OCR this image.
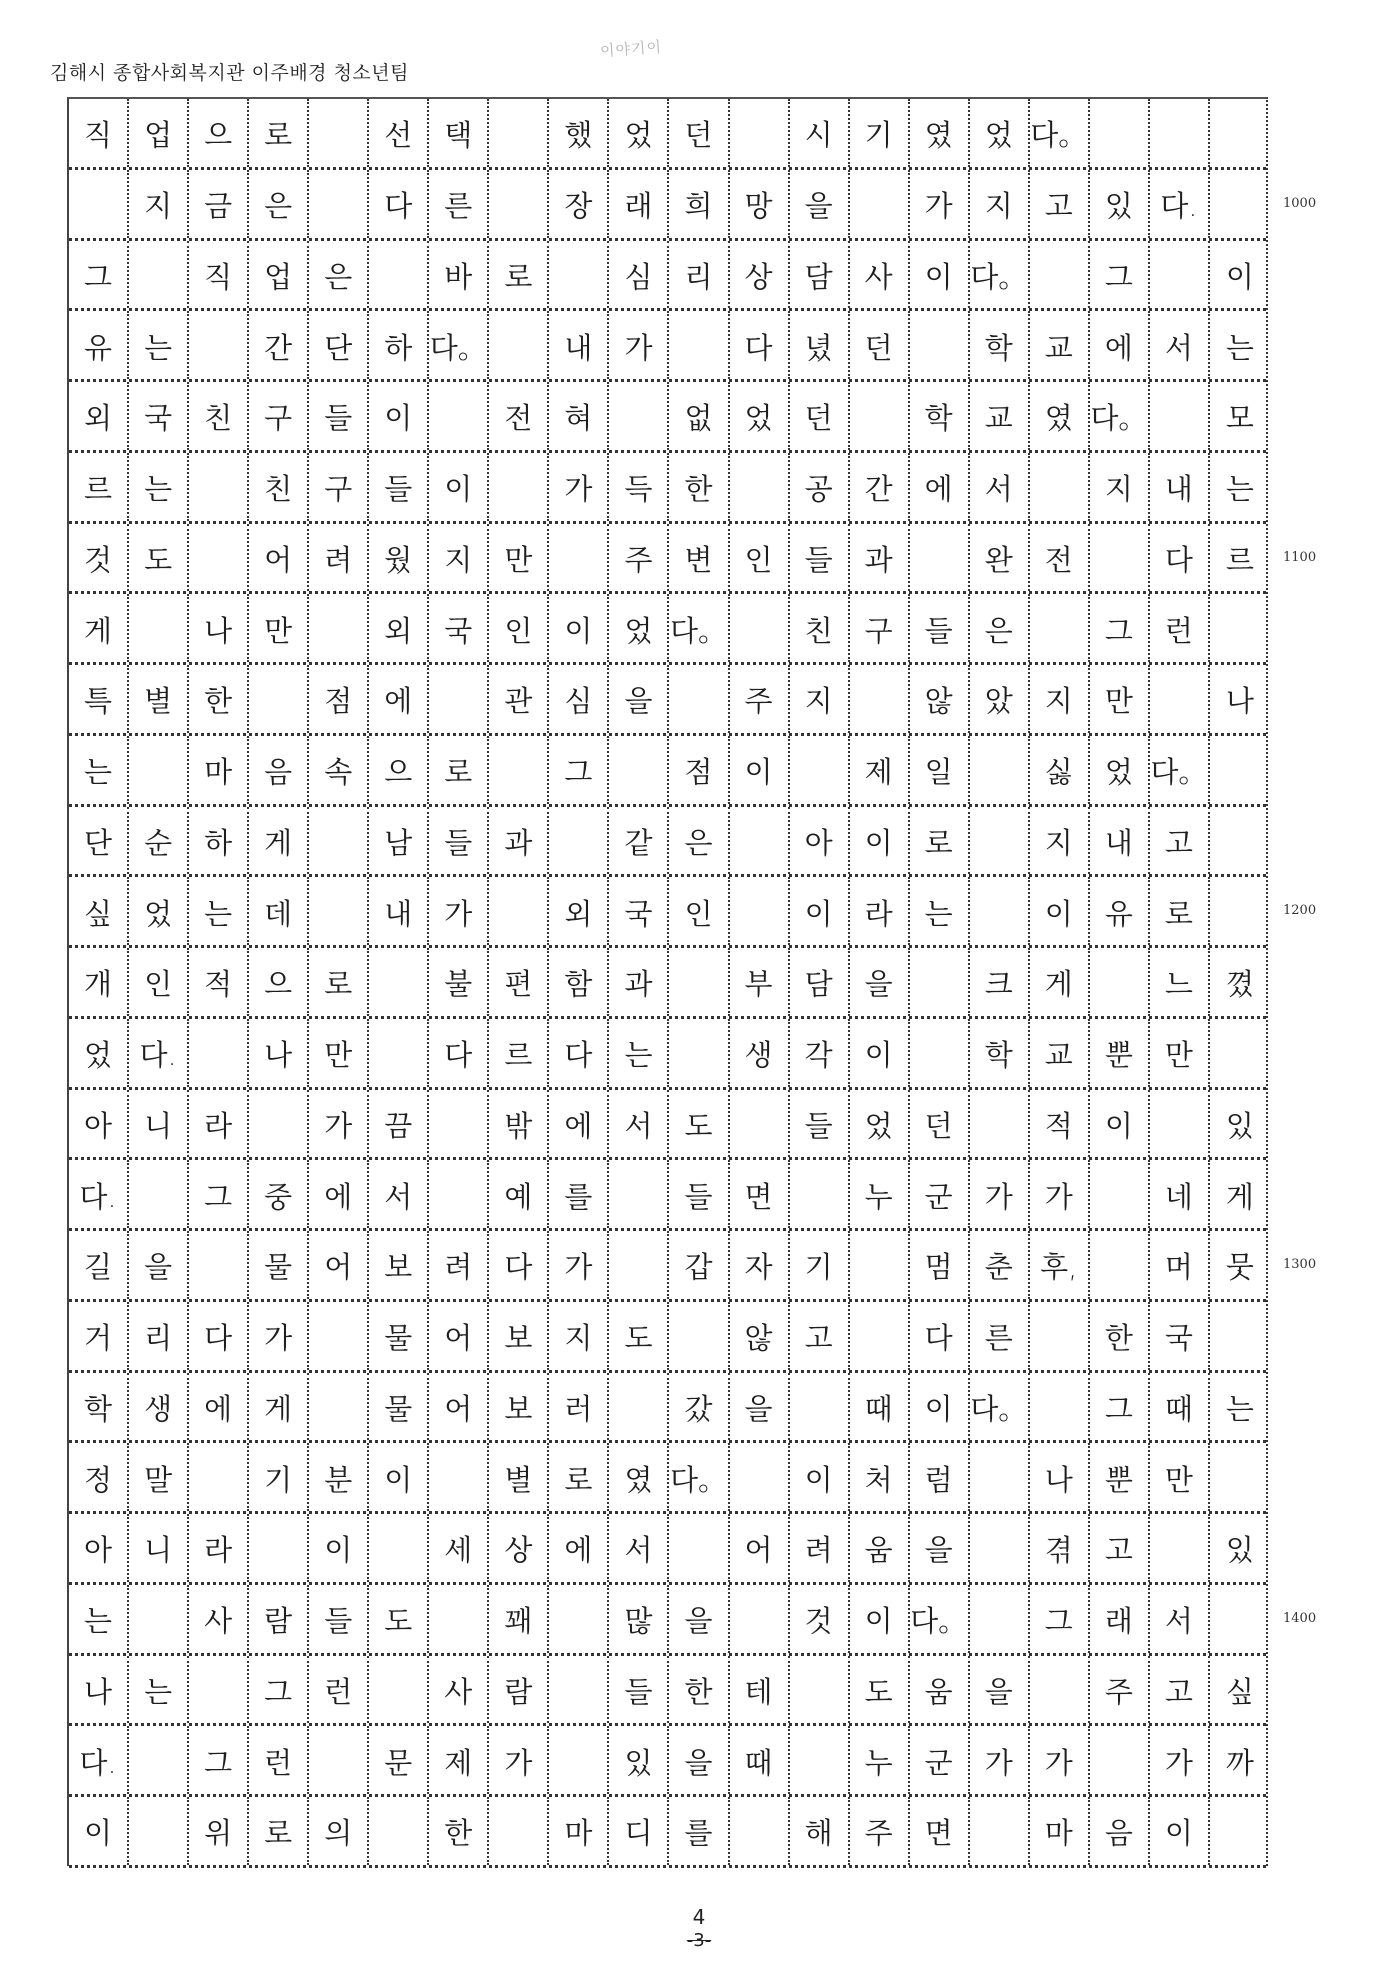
김해시 종합사회복지관 이주배경 청소년팀
이야기이
직	업	으	로	선	택	했	었	던	시	기	였	었 다。
지	금	은	다	른	장	래	희	망	을	가	지	고	있 다.
그	직	업	은	바	로	심	리	상	담	사	이 다。	그	이
유	는	간	단	하 다。	내	가	다	녔	던	학	교	에	서	는
외	국	친	구	들	이	전	혀	없	었	던	학	교	였 다。	모
르	는	친	구	들	이	가	득	한	공	간	에	서	지	내	는
것	도	어	려	웠	지	만	주	변	인	들	과	완	전	다	르
게	나	만	외	국	인	이	었 다。	친	구	들	은	그	런
특	별	한	점	에	관	심	을	주	지	않	았	지	만	나
는	마	음	속	으	로	그	점	이	제	일	싫	었 다。
단	순	하	게	남	들	과	같	은	아	이	로	지	내	고
싶	었	는	데	내	가	외	국	인	이	라	는	이	유	로
개	인	적	으	로	불	편	함	과	부	담	을	크	게	느	꼈
었 다.	나	만	다	르	다	는	생	각	이	학	교	뿐	만
아	니	라	가	끔	밖	에	서	도	들	었	던	적	이	있
다.	그	중	에	서	예	를	들	면	누	군	가	가	네	게
길	을	물	어	보	려	다	가	갑	자	기	멈	춘 후,	머	뭇
거	리	다	가	물	어	보	지	도	않	고	다	른	한	국
학	생	에	게	물	어	보	러	갔	을	때	이 다。	그	때	는
정	말	기	분	이	별	로	였 다。	이	처	럼	나	뿐	만
아	니	라	이	세	상	에	서	어	려	움	을	겪	고	있
는	사	람	들	도	꽤	많	을	것	이 다。	그	래	서
나	는	그	런	사	람	들	한	테	도	움	을	주	고	싶
다.	그	런	문	제	가	있	을	때	누	군	가	가	가	까
이	위	로	의	한	마	디	를	해	주	면	마	음	이
1000
1100
1200
1300
1400
4
-3-
